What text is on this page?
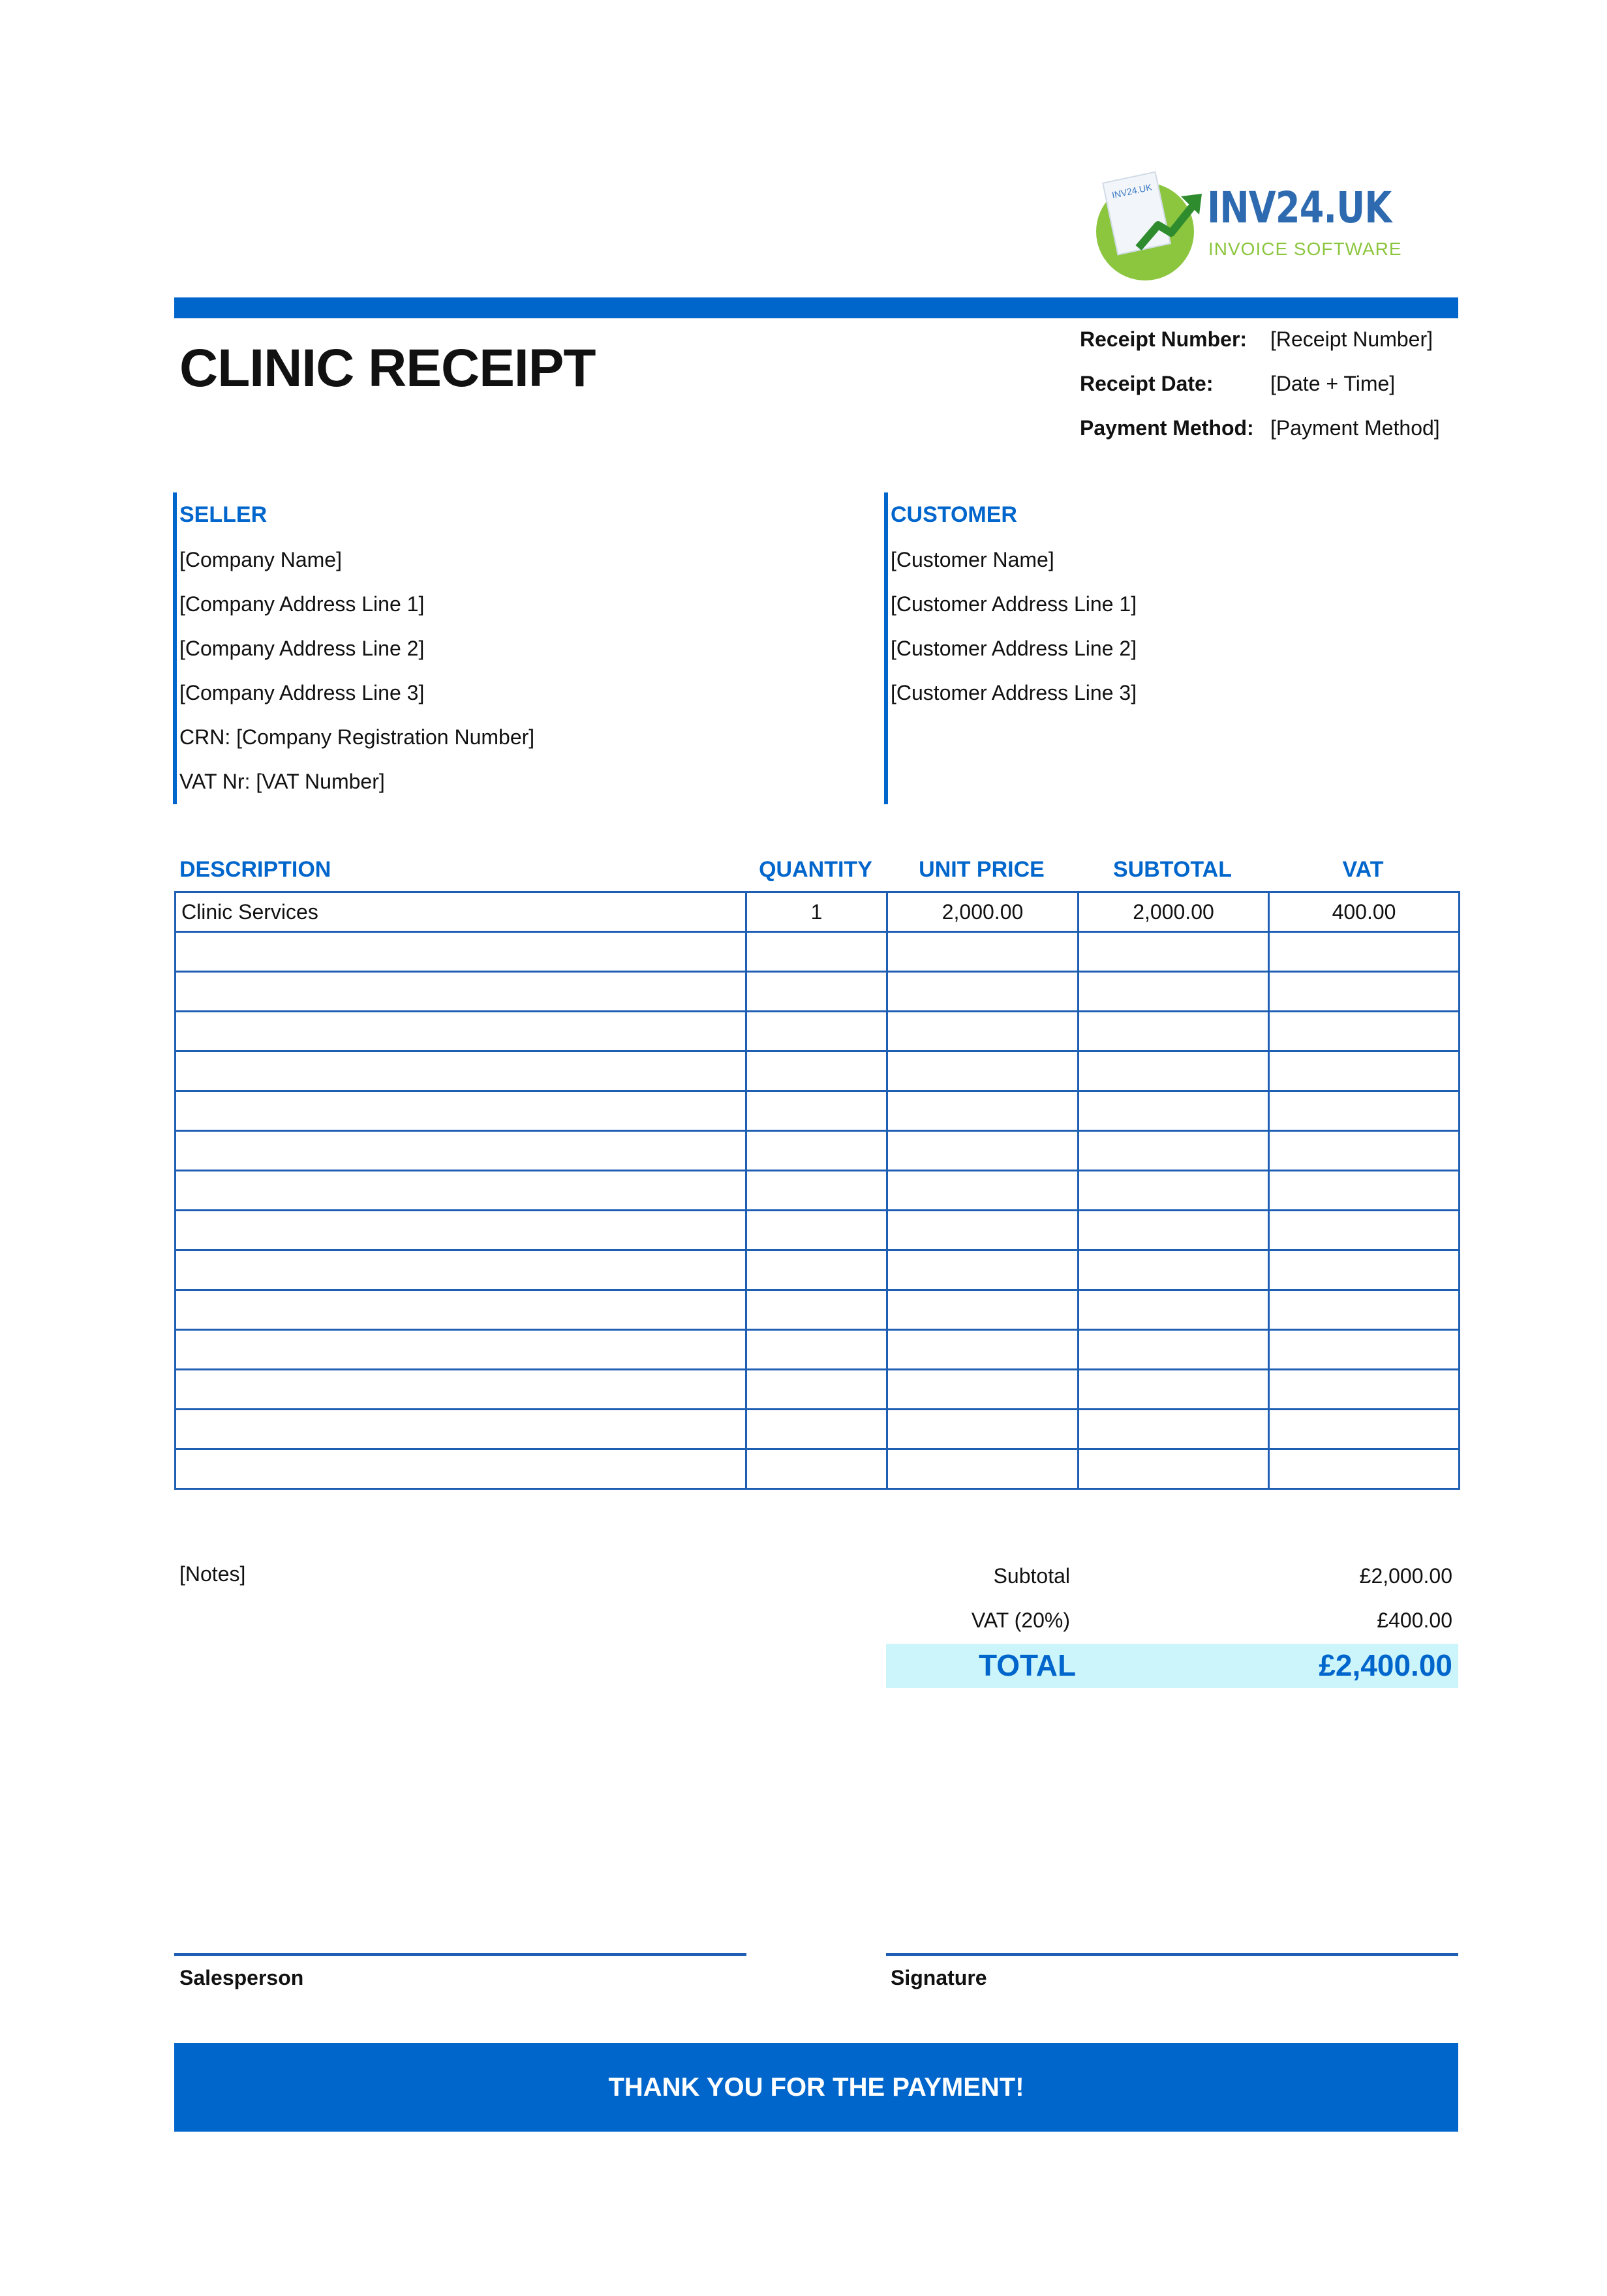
INV24.UK	INV24.UK
INVOICE SOFTWARE
CLINIC RECEIPT	Receipt Number: [Receipt Number]
Receipt Date:	[Date + Time]
Payment Method: [Payment Method]
SELLER
[Company Name]
[Company Address Line 1]
[Company Address Line 2]
[Company Address Line 3]
CRN: [Company Registration Number]
VAT Nr: [VAT Number]
CUSTOMER
[Customer Name]
[Customer Address Line 1]
[Customer Address Line 2]
[Customer Address Line 3]
DESCRIPTION	QUANTITY	UNIT PRICE	SUBTOTAL	VAT
Clinic Services	1	2,000.00	2,000.00	400.00

[Notes]	Subtotal	£2,000.00
VAT (20%)	£400.00
TOTAL	£2,400.00
Salesperson	Signature
THANK YOU FOR THE PAYMENT!
